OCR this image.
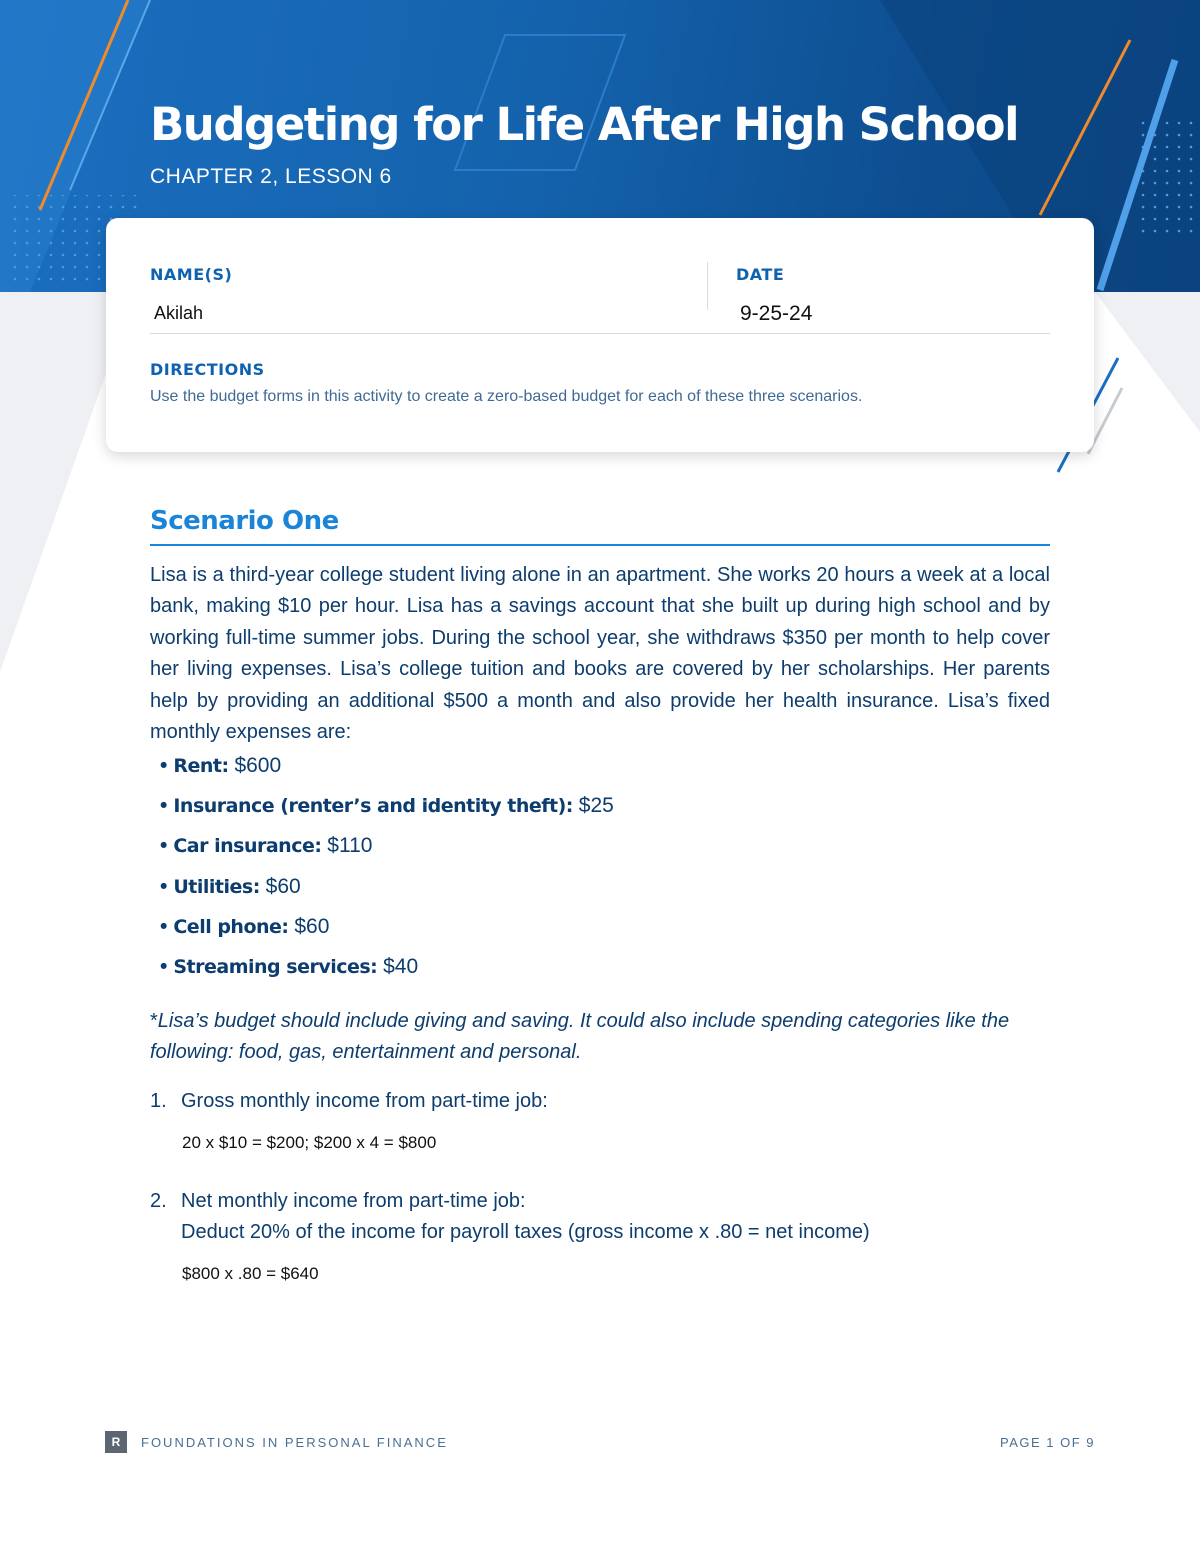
Budgeting for Life After High School

CHAPTER 2, LESSON 6

NAME(S)
Akilah
DATE
9-25-24
DIRECTIONS
Use the budget forms in this activity to create a zero-based budget for each of these three scenarios.
Scenario One

Lisa is a third-year college student living alone in an apartment. She works 20 hours a week at a local bank, making $10 per hour. Lisa has a savings account that she built up during high school and by working full-time summer jobs. During the school year, she withdraws $350 per month to help cover her living expenses. Lisa’s college tuition and books are covered by her scholarships. Her parents help by providing an additional $500 a month and also provide her health insurance. Lisa’s fixed monthly expenses are:

• Rent: $600
• Insurance (renter’s and identity theft): $25
• Car insurance: $110
• Utilities: $60
• Cell phone: $60
• Streaming services: $40

*Lisa’s budget should include giving and saving. It could also include spending categories like the following: food, gas, entertainment and personal.

1. Gross monthly income from part-time job:
20 x $10 = $200; $200 x 4 = $800
2. Net monthly income from part-time job:
Deduct 20% of the income for payroll taxes (gross income x .80 = net income)
$800 x .80 = $640
R	FOUNDATIONS IN PERSONAL FINANCE	PAGE 1 OF 9
